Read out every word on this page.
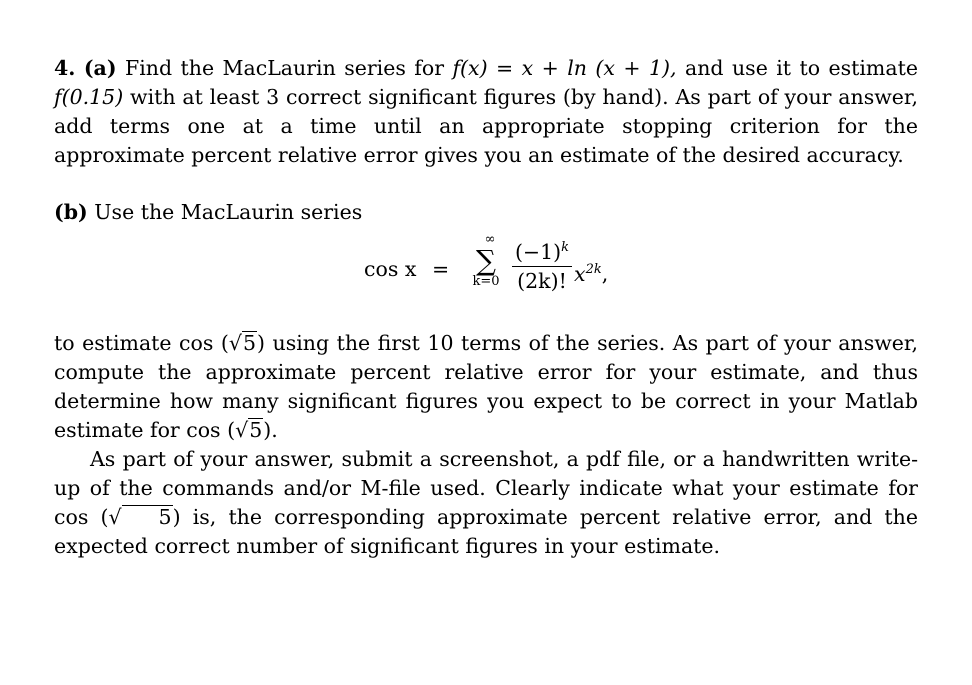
4. (a) Find the MacLaurin series for f(x) = x + ln (x + 1), and use it to estimate f(0.15) with at least 3 correct significant figures (by hand). As part of your answer, add terms one at a time until an appropriate stopping criterion for the approximate percent relative error gives you an estimate of the desired accuracy.

(b) Use the MacLaurin series

cos x =
∞
∑
k=0
$(-1)^k$
(2k)! $x^{2k}$,

to estimate cos (√5) using the first 10 terms of the series. As part of your answer, compute the approximate percent relative error for your estimate, and thus determine how many significant figures you expect to be correct in your Matlab estimate for cos (√5).

As part of your answer, submit a screenshot, a pdf file, or a handwritten write-up of the commands and/or M-file used. Clearly indicate what your estimate for cos (√ 5) is, the corresponding approximate percent relative error, and the expected correct number of significant figures in your estimate.
